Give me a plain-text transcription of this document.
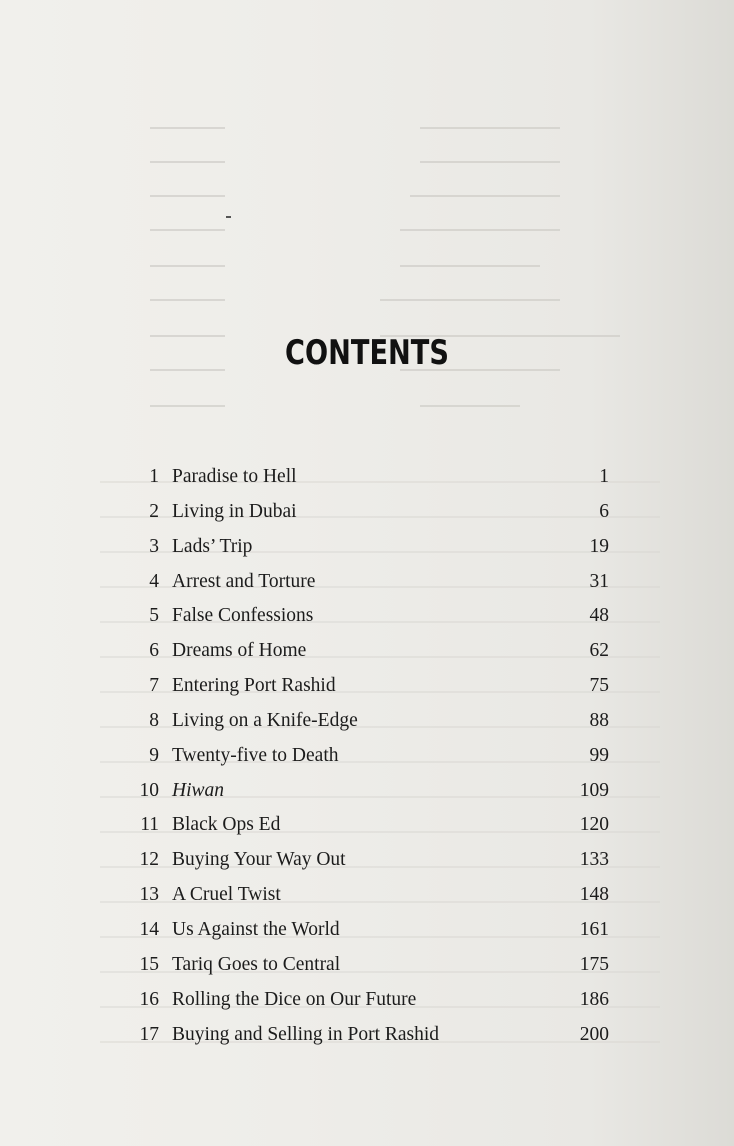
CONTENTS
1 Paradise to Hell	1
2 Living in Dubai	6
3 Lads’ Trip	19
4 Arrest and Torture	31
5 False Confessions	48
6 Dreams of Home	62
7 Entering Port Rashid	75
8 Living on a Knife-Edge	88
9 Twenty-five to Death	99
10 Hiwan	109
11 Black Ops Ed	120
12 Buying Your Way Out	133
13 A Cruel Twist	148
14 Us Against the World	161
15 Tariq Goes to Central	175
16 Rolling the Dice on Our Future	186
17 Buying and Selling in Port Rashid	200
